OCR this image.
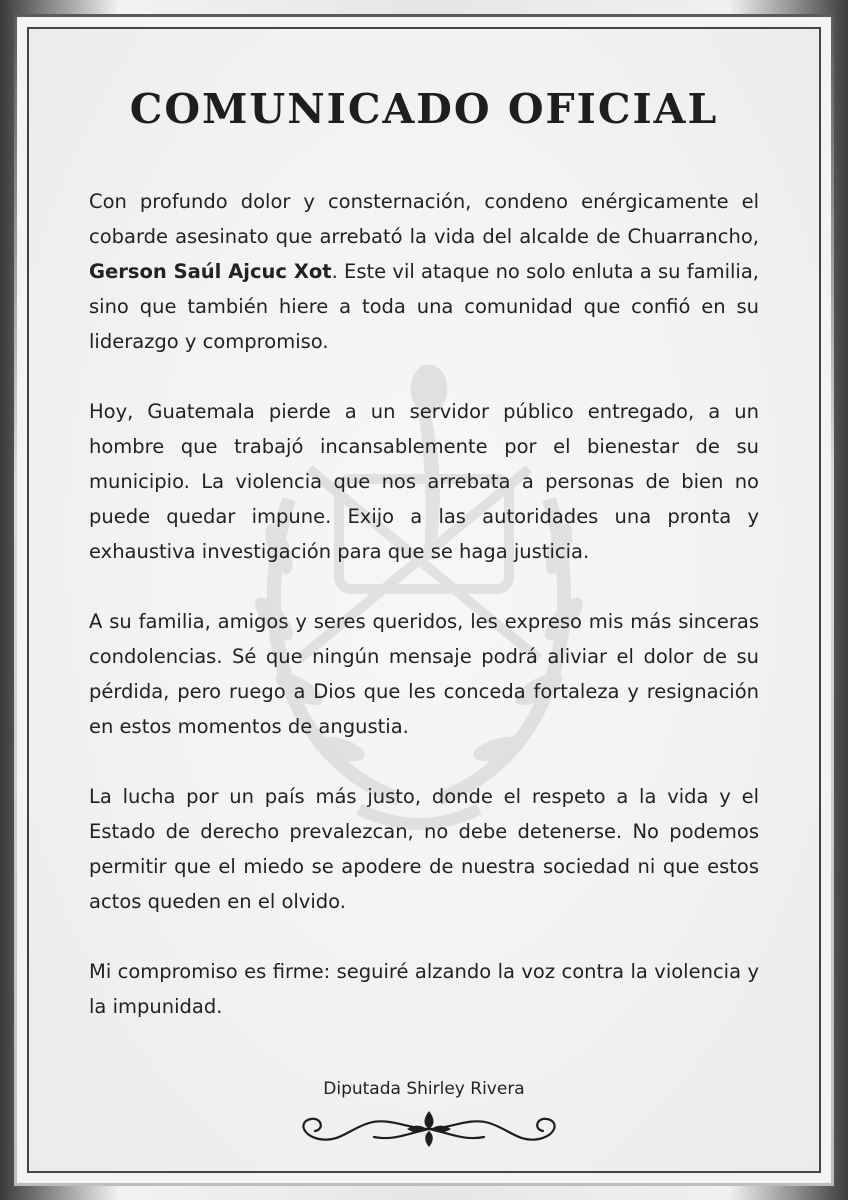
COMUNICADO OFICIAL

Con profundo dolor y consternación, condeno enérgicamente el cobarde asesinato que arrebató la vida del alcalde de Chuarrancho, Gerson Saúl Ajcuc Xot. Este vil ataque no solo enluta a su familia, sino que también hiere a toda una comunidad que confió en su liderazgo y compromiso.

Hoy, Guatemala pierde a un servidor público entregado, a un hombre que trabajó incansablemente por el bienestar de su municipio. La violencia que nos arrebata a personas de bien no puede quedar impune. Exijo a las autoridades una pronta y exhaustiva investigación para que se haga justicia.

A su familia, amigos y seres queridos, les expreso mis más sinceras condolencias. Sé que ningún mensaje podrá aliviar el dolor de su pérdida, pero ruego a Dios que les conceda fortaleza y resignación en estos momentos de angustia.

La lucha por un país más justo, donde el respeto a la vida y el Estado de derecho prevalezcan, no debe detenerse. No podemos permitir que el miedo se apodere de nuestra sociedad ni que estos actos queden en el olvido.

Mi compromiso es firme: seguiré alzando la voz contra la violencia y la impunidad.

Diputada Shirley Rivera
